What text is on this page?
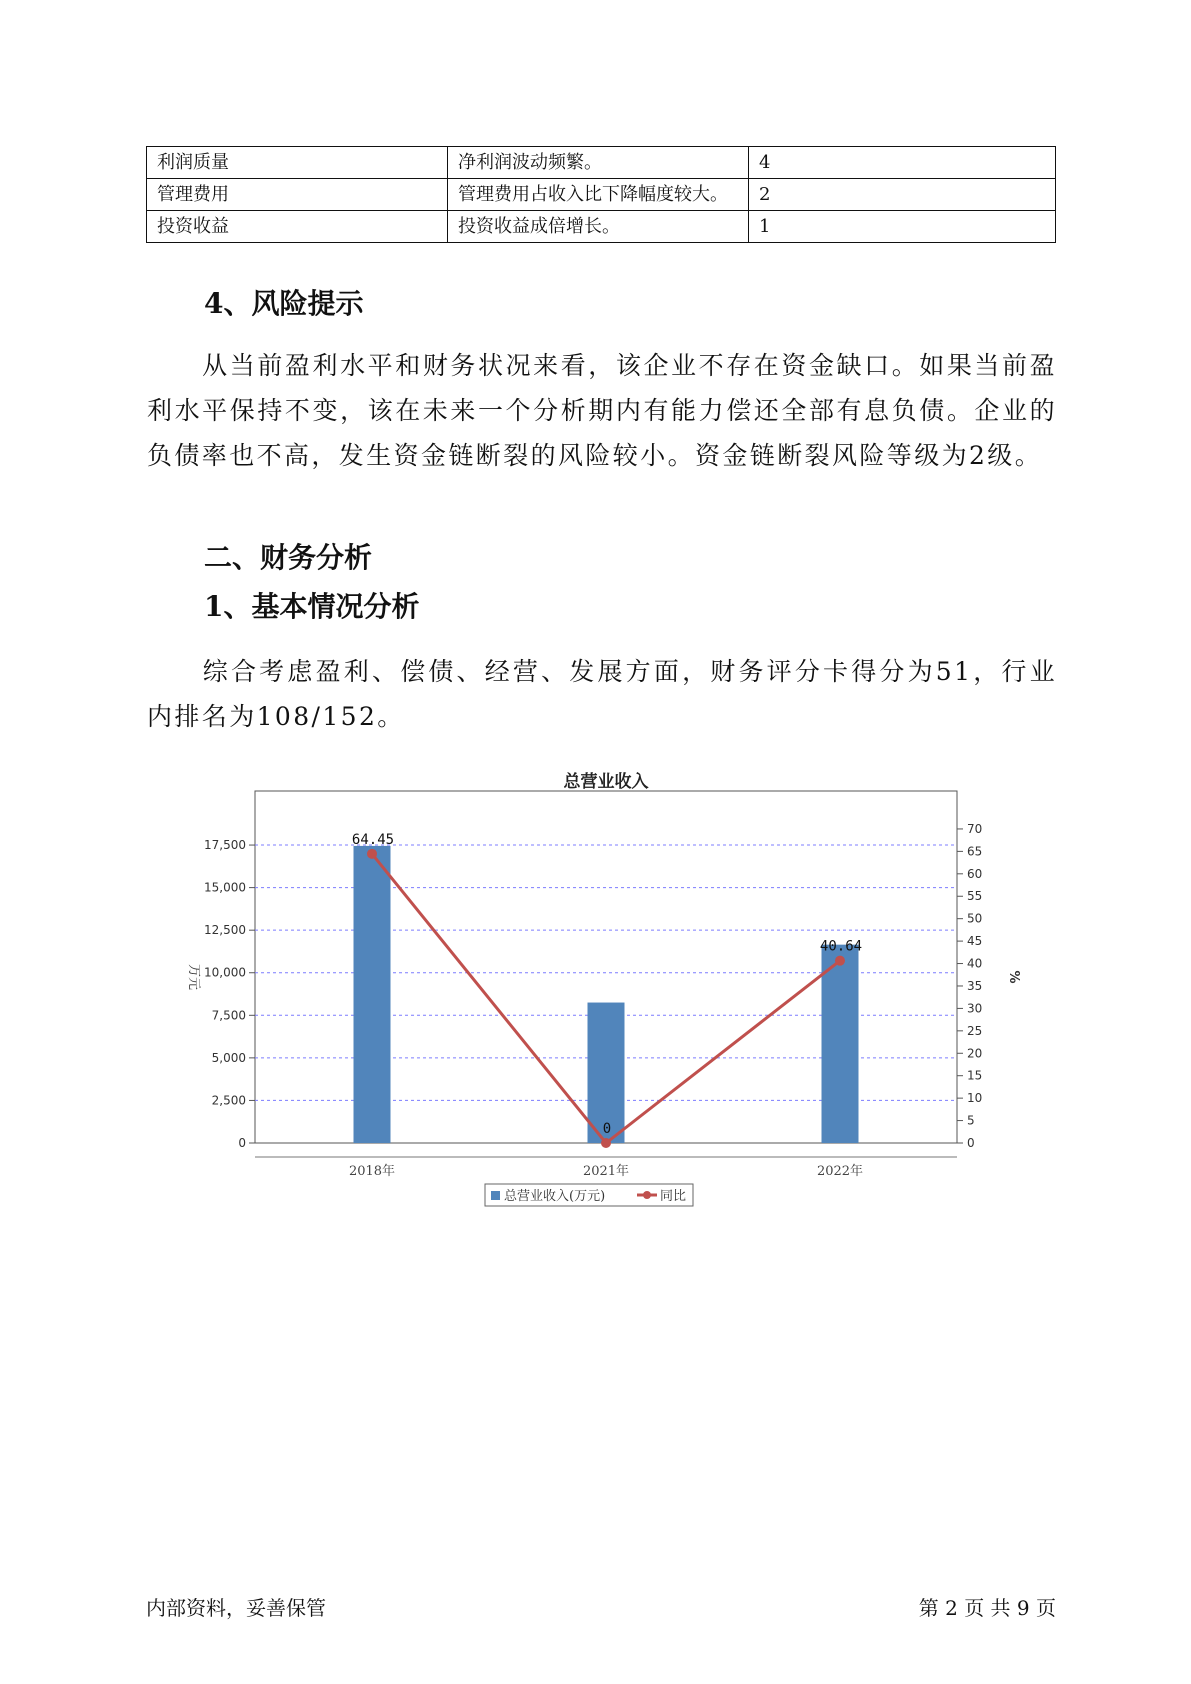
利润质量	净利润波动频繁。	4
管理费用	管理费用占收入比下降幅度较大。	2
投资收益	投资收益成倍增长。	1
4、风险提示

从当前盈利水平和财务状况来看，该企业不存在资金缺口。如果当前盈利水平保持不变，该在未来一个分析期内有能力偿还全部有息负债。企业的负债率也不高，发生资金链断裂的风险较小。资金链断裂风险等级为2级。

二、财务分析
1、基本情况分析

综合考虑盈利、偿债、经营、发展方面，财务评分卡得分为51，行业内排名为108/152。

总营业收入
0
2,500
5,000
7,500
10,000
12,500
15,000
17,500
0
5
10
15
20
25
30
35
40
45
50
55
60
65
70
万元	%
2018年	2021年	2022年
64.45
0
40.64
总营业收入(万元)	同比
内部资料，妥善保管	第 2 页 共 9 页
